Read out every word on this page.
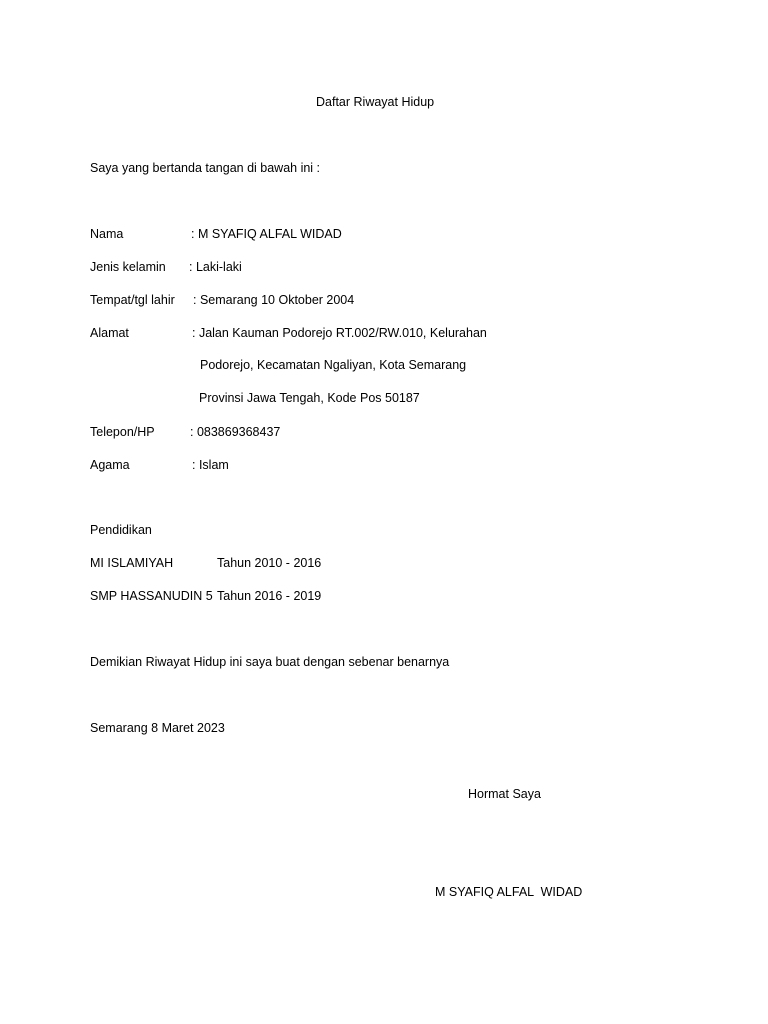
Daftar Riwayat Hidup
Saya yang bertanda tangan di bawah ini :
Nama	: M SYAFIQ ALFAL WIDAD
Jenis kelamin : Laki-laki
Tempat/tgl lahir : Semarang 10 Oktober 2004
Alamat	: Jalan Kauman Podorejo RT.002/RW.010, Kelurahan
Podorejo, Kecamatan Ngaliyan, Kota Semarang
Provinsi Jawa Tengah, Kode Pos 50187
Telepon/HP	: 083869368437
Agama	: Islam
Pendidikan
MI ISLAMIYAH	Tahun 2010 - 2016
SMP HASSANUDIN 5 Tahun 2016 - 2019
Demikian Riwayat Hidup ini saya buat dengan sebenar benarnya
Semarang 8 Maret 2023
Hormat Saya
M SYAFIQ ALFAL  WIDAD
